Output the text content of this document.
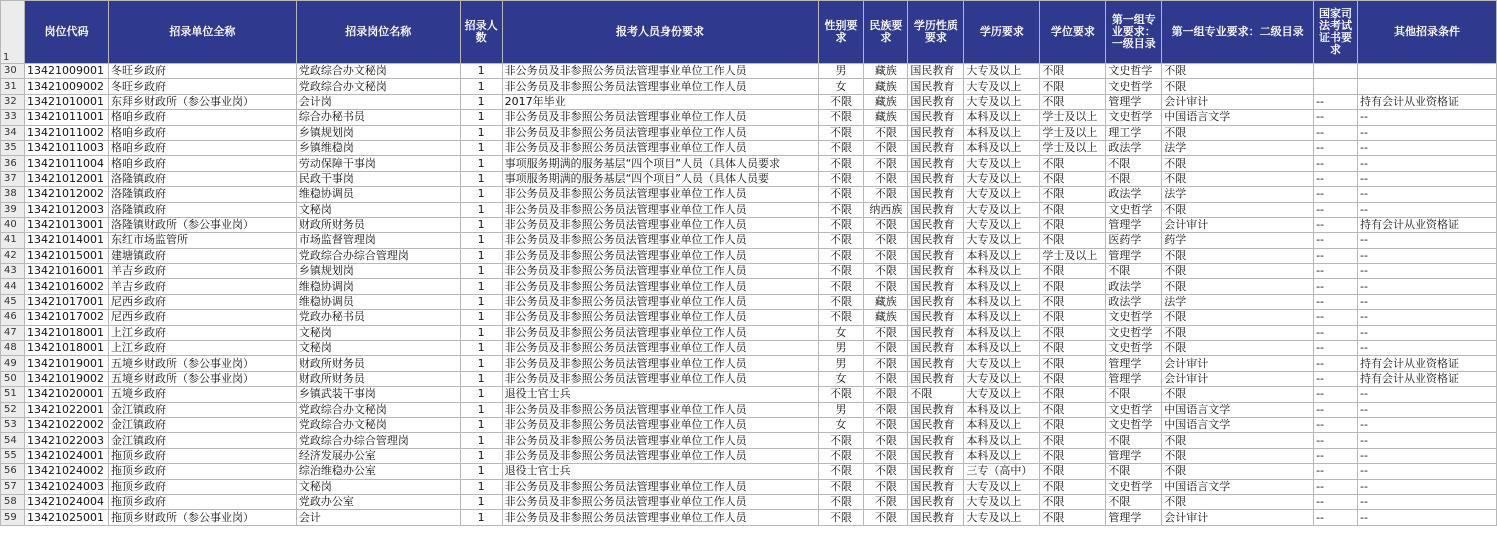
1	岗位代码	招录单位全称	招录岗位名称	招录人数	报考人员身份要求	性别要求	民族要求	学历性质要求	学历要求	学位要求	第一组专业要求：一级目录	第一组专业要求：二级目录	国家司法考试证书要求	其他招录条件
30	13421009001	冬旺乡政府	党政综合办文秘岗	1	非公务员及非参照公务员法管理事业单位工作人员	男	藏族	国民教育	大专及以上	不限	文史哲学	不限		
31	13421009002	冬旺乡政府	党政综合办文秘岗	1	非公务员及非参照公务员法管理事业单位工作人员	女	藏族	国民教育	大专及以上	不限	文史哲学	不限		
32	13421010001	东拜乡财政所（参公事业岗）	会计岗	1	2017年毕业	不限	藏族	国民教育	大专及以上	不限	管理学	会计审计	--	持有会计从业资格证
33	13421011001	格咱乡政府	综合办秘书员	1	非公务员及非参照公务员法管理事业单位工作人员	不限	藏族	国民教育	本科及以上	学士及以上	文史哲学	中国语言文学	--	--
34	13421011002	格咱乡政府	乡镇规划岗	1	非公务员及非参照公务员法管理事业单位工作人员	不限	不限	国民教育	本科及以上	学士及以上	理工学	不限	--	--
35	13421011003	格咱乡政府	乡镇维稳岗	1	非公务员及非参照公务员法管理事业单位工作人员	不限	不限	国民教育	本科及以上	学士及以上	政法学	法学	--	--
36	13421011004	格咱乡政府	劳动保障干事岗	1	事项服务期满的服务基层“四个项目”人员（具体人员要求	不限	不限	国民教育	大专及以上	不限	不限	不限	--	--
37	13421012001	洛隆镇政府	民政干事岗	1	事项服务期满的服务基层“四个项目”人员（具体人员要	不限	不限	国民教育	大专及以上	不限	不限	不限	--	--
38	13421012002	洛隆镇政府	维稳协调员	1	非公务员及非参照公务员法管理事业单位工作人员	不限	不限	国民教育	大专及以上	不限	政法学	法学	--	--
39	13421012003	洛隆镇政府	文秘岗	1	非公务员及非参照公务员法管理事业单位工作人员	不限	纳西族	国民教育	大专及以上	不限	文史哲学	不限	--	--
40	13421013001	洛隆镇财政所（参公事业岗）	财政所财务员	1	非公务员及非参照公务员法管理事业单位工作人员	不限	不限	国民教育	大专及以上	不限	管理学	会计审计	--	持有会计从业资格证
41	13421014001	东红市场监管所	市场监督管理岗	1	非公务员及非参照公务员法管理事业单位工作人员	不限	不限	国民教育	大专及以上	不限	医药学	药学	--	--
42	13421015001	建塘镇政府	党政综合办综合管理岗	1	非公务员及非参照公务员法管理事业单位工作人员	不限	不限	国民教育	本科及以上	学士及以上	管理学	不限	--	--
43	13421016001	羊吉乡政府	乡镇规划岗	1	非公务员及非参照公务员法管理事业单位工作人员	不限	不限	国民教育	本科及以上	不限	不限	不限	--	--
44	13421016002	羊吉乡政府	维稳协调岗	1	非公务员及非参照公务员法管理事业单位工作人员	不限	不限	国民教育	本科及以上	不限	政法学	不限	--	--
45	13421017001	尼西乡政府	维稳协调员	1	非公务员及非参照公务员法管理事业单位工作人员	不限	藏族	国民教育	本科及以上	不限	政法学	法学	--	--
46	13421017002	尼西乡政府	党政办秘书员	1	非公务员及非参照公务员法管理事业单位工作人员	不限	藏族	国民教育	本科及以上	不限	文史哲学	不限	--	--
47	13421018001	上江乡政府	文秘岗	1	非公务员及非参照公务员法管理事业单位工作人员	女	不限	国民教育	本科及以上	不限	文史哲学	不限	--	--
48	13421018001	上江乡政府	文秘岗	1	非公务员及非参照公务员法管理事业单位工作人员	男	不限	国民教育	本科及以上	不限	文史哲学	不限	--	--
49	13421019001	五境乡财政所（参公事业岗）	财政所财务员	1	非公务员及非参照公务员法管理事业单位工作人员	男	不限	国民教育	大专及以上	不限	管理学	会计审计	--	持有会计从业资格证
50	13421019002	五境乡财政所（参公事业岗）	财政所财务员	1	非公务员及非参照公务员法管理事业单位工作人员	女	不限	国民教育	大专及以上	不限	管理学	会计审计	--	持有会计从业资格证
51	13421020001	五境乡政府	乡镇武装干事岗	1	退役士官士兵	不限	不限	不限	大专及以上	不限	不限	不限	--	--
52	13421022001	金江镇政府	党政综合办文秘岗	1	非公务员及非参照公务员法管理事业单位工作人员	男	不限	国民教育	本科及以上	不限	文史哲学	中国语言文学	--	--
53	13421022002	金江镇政府	党政综合办文秘岗	1	非公务员及非参照公务员法管理事业单位工作人员	女	不限	国民教育	本科及以上	不限	文史哲学	中国语言文学	--	--
54	13421022003	金江镇政府	党政综合办综合管理岗	1	非公务员及非参照公务员法管理事业单位工作人员	不限	不限	国民教育	本科及以上	不限	不限	不限	--	--
55	13421024001	拖顶乡政府	经济发展办公室	1	非公务员及非参照公务员法管理事业单位工作人员	不限	不限	国民教育	本科及以上	不限	管理学	不限	--	--
56	13421024002	拖顶乡政府	综治维稳办公室	1	退役士官士兵	不限	不限	国民教育	三专（高中）	不限	不限	不限	--	--
57	13421024003	拖顶乡政府	文秘岗	1	非公务员及非参照公务员法管理事业单位工作人员	不限	不限	国民教育	大专及以上	不限	文史哲学	中国语言文学	--	--
58	13421024004	拖顶乡政府	党政办公室	1	非公务员及非参照公务员法管理事业单位工作人员	不限	不限	国民教育	大专及以上	不限	不限	不限	--	--
59	13421025001	拖顶乡财政所（参公事业岗）	会计	1	非公务员及非参照公务员法管理事业单位工作人员	不限	不限	国民教育	大专及以上	不限	管理学	会计审计	--	--
